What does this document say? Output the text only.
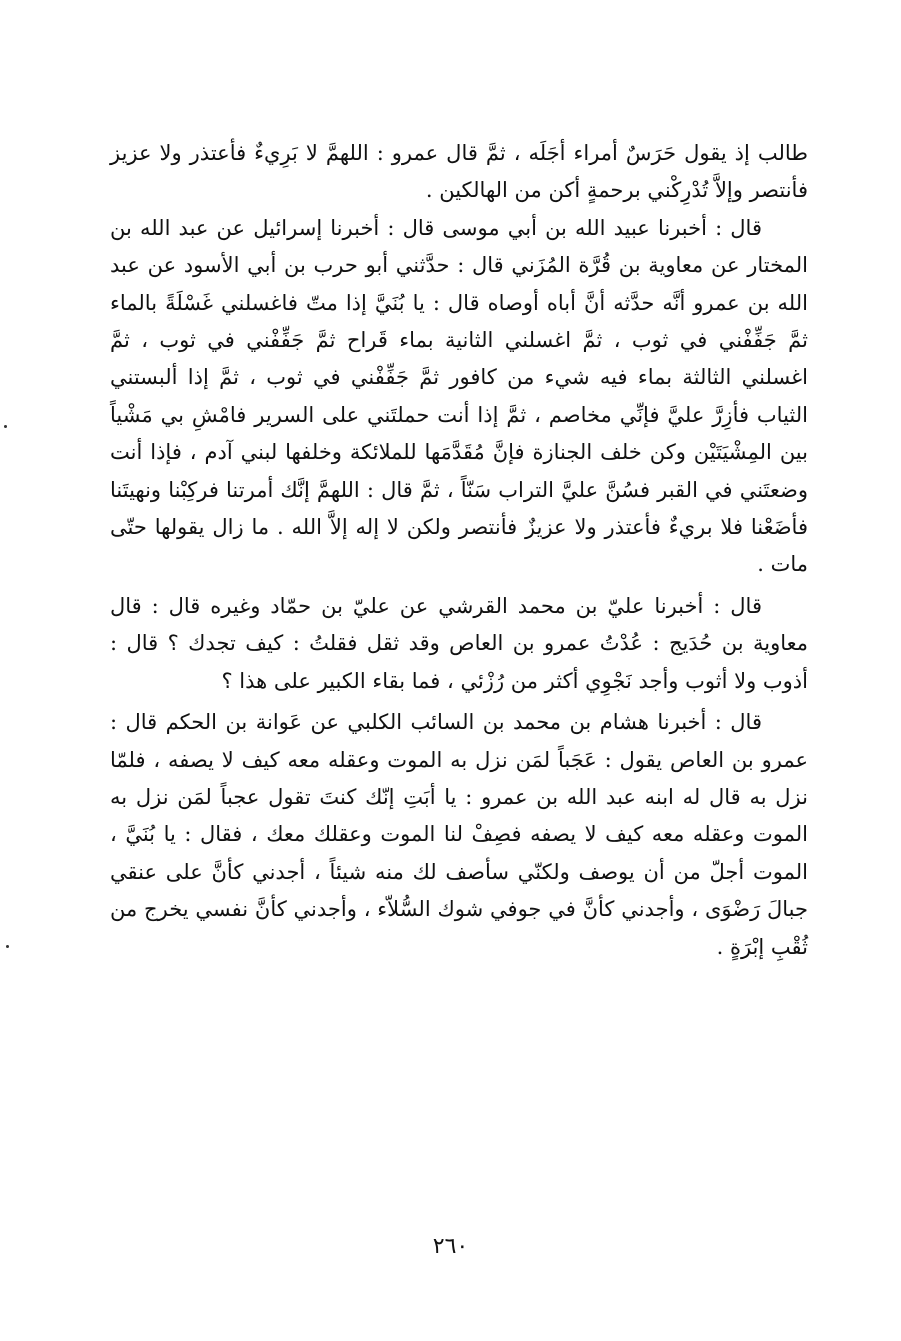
طالب إذ يقول حَرَسٌ أمراء أجَلَه ، ثمَّ قال عمرو : اللهمَّ لا بَرِيءٌ فأعتذر ولا عزيز فأنتصر وإلاَّ تُدْرِكْني برحمةٍ أكن من الهالكين .

قال : أخبرنا عبيد الله بن أبي موسى قال : أخبرنا إسرائيل عن عبد الله بن المختار عن معاوية بن قُرَّة المُزَني قال : حدَّثني أبو حرب بن أبي الأسود عن عبد الله بن عمرو أنَّه حدَّثه أنَّ أباه أوصاه قال : يا بُنَيَّ إذا متّ فاغسلني غَسْلَةً بالماء ثمَّ جَفِّفْني في ثوب ، ثمَّ اغسلني الثانية بماء قَراح ثمَّ جَفِّفْني في ثوب ، ثمَّ اغسلني الثالثة بماء فيه شيء من كافور ثمَّ جَفِّفْني في ثوب ، ثمَّ إذا ألبستني الثياب فأزِرَّ عليَّ فإنِّي مخاصم ، ثمَّ إذا أنت حملتَني على السرير فامْشِ بي مَشْياً بين المِشْيَتَيْن وكن خلف الجنازة فإنَّ مُقَدَّمَها للملائكة وخلفها لبني آدم ، فإذا أنت وضعتَني في القبر فسُنَّ عليَّ التراب سَنّاً ، ثمَّ قال : اللهمَّ إنَّك أمرتنا فركِبْنا ونهيتَنا فأضَعْنا فلا بريءٌ فأعتذر ولا عزيزٌ فأنتصر ولكن لا إله إلاَّ الله . ما زال يقولها حتّى مات .

قال : أخبرنا عليّ بن محمد القرشي عن عليّ بن حمّاد وغيره قال : قال معاوية بن حُدَيج : عُدْتُ عمرو بن العاص وقد ثقل فقلتُ : كيف تجدك ؟ قال : أذوب ولا أثوب وأجد نَجْوِي أكثر من رُزْئي ، فما بقاء الكبير على هذا ؟

قال : أخبرنا هشام بن محمد بن السائب الكلبي عن عَوانة بن الحكم قال : عمرو بن العاص يقول : عَجَباً لمَن نزل به الموت وعقله معه كيف لا يصفه ، فلمّا نزل به قال له ابنه عبد الله بن عمرو : يا أبَتِ إنّك كنتَ تقول عجباً لمَن نزل به الموت وعقله معه كيف لا يصفه فصِفْ لنا الموت وعقلك معك ، فقال : يا بُنَيَّ ، الموت أجلّ من أن يوصف ولكنّي سأصف لك منه شيئاً ، أجدني كأنَّ على عنقي جبالَ رَضْوَى ، وأجدني كأنَّ في جوفي شوك السُّلاّء ، وأجدني كأنَّ نفسي يخرج من ثُقْبِ إبْرَةٍ .

٢٦٠
